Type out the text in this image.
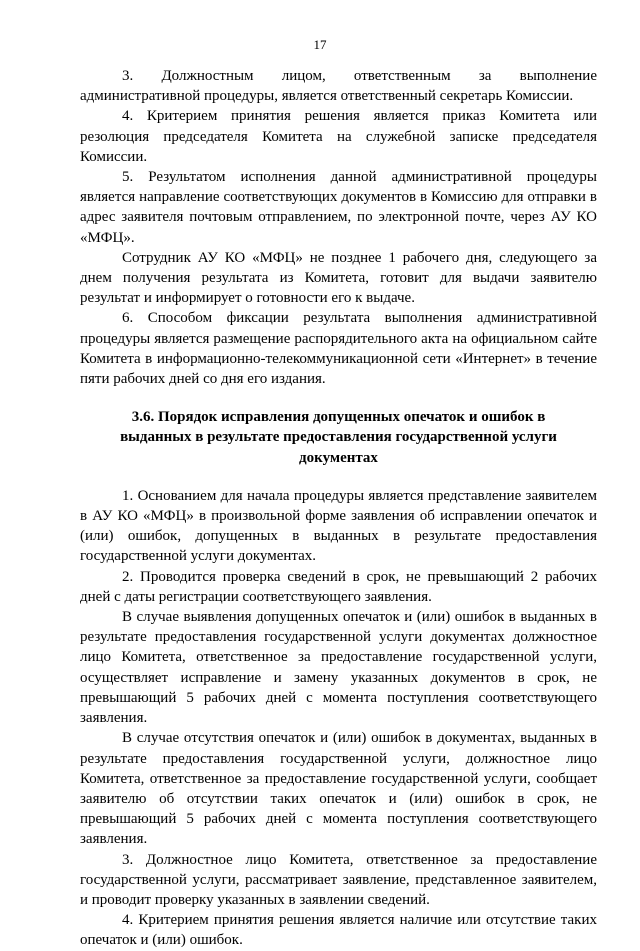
17

3. Должностным лицом, ответственным за выполнение административной процедуры, является ответственный секретарь Комиссии.

4. Критерием принятия решения является приказ Комитета или резолюция председателя Комитета на служебной записке председателя Комиссии.

5. Результатом исполнения данной административной процедуры является направление соответствующих документов в Комиссию для отправки в адрес заявителя почтовым отправлением, по электронной почте, через АУ КО «МФЦ».

Сотрудник АУ КО «МФЦ» не позднее 1 рабочего дня, следующего за днем получения результата из Комитета, готовит для выдачи заявителю результат и информирует о готовности его к выдаче.

6. Способом фиксации результата выполнения административной процедуры является размещение распорядительного акта на официальном сайте Комитета в информационно-телекоммуникационной сети «Интернет» в течение пяти рабочих дней со дня его издания.

3.6. Порядок исправления допущенных опечаток и ошибок в выданных в результате предоставления государственной услуги документах

1. Основанием для начала процедуры является представление заявителем в АУ КО «МФЦ» в произвольной форме заявления об исправлении опечаток и (или) ошибок, допущенных в выданных в результате предоставления государственной услуги документах.

2. Проводится проверка сведений в срок, не превышающий 2 рабочих дней с даты регистрации соответствующего заявления.

В случае выявления допущенных опечаток и (или) ошибок в выданных в результате предоставления государственной услуги документах должностное лицо Комитета, ответственное за предоставление государственной услуги, осуществляет исправление и замену указанных документов в срок, не превышающий 5 рабочих дней с момента поступления соответствующего заявления.

В случае отсутствия опечаток и (или) ошибок в документах, выданных в результате предоставления государственной услуги, должностное лицо Комитета, ответственное за предоставление государственной услуги, сообщает заявителю об отсутствии таких опечаток и (или) ошибок в срок, не превышающий 5 рабочих дней с момента поступления соответствующего заявления.

3. Должностное лицо Комитета, ответственное за предоставление государственной услуги, рассматривает заявление, представленное заявителем, и проводит проверку указанных в заявлении сведений.

4. Критерием принятия решения является наличие или отсутствие таких опечаток и (или) ошибок.
